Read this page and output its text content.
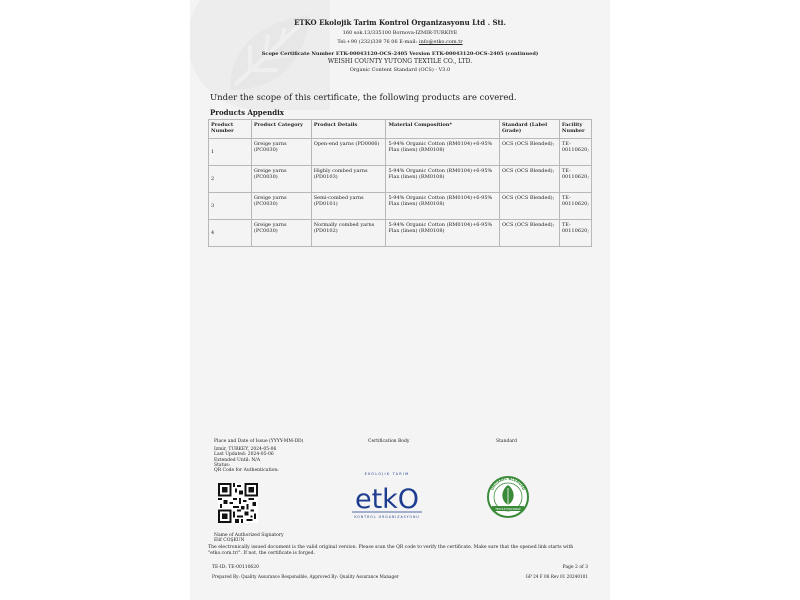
ETKO Ekolojik Tarim Kontrol Organizasyonu Ltd . Sti.
160 sok.13/335100 Bornova-IZMIR-TURKIYE
Tel:+90 (232)339 76 06 E-mail: info@etko.com.tr
Scope Certificate Number ETK-00043120-OCS-2405 Version ETK-00043120-OCS-2405 (continued)
WEISHI COUNTY YUTONG TEXTILE CO., LTD.
Organic Content Standard (OCS) - V3.0
Under the scope of this certificate, the following products are covered.
Products Appendix
Product Number	Product Category	Product Details	Material Composition*	Standard (Label Grade)	Facility Number
1	Greige yarns (PC0030)	Open-end yarns (PD0066)	5-94% Organic Cotton (RM0104)+6-95% Flax (linen) (RM0108)	OCS (OCS Blended);	TE-00110620;
2	Greige yarns (PC0030)	Highly combed yarns (PD0103)	5-94% Organic Cotton (RM0104)+6-95% Flax (linen) (RM0108)	OCS (OCS Blended);	TE-00110620;
3	Greige yarns (PC0030)	Semi-combed yarns (PD0101)	5-94% Organic Cotton (RM0104)+6-95% Flax (linen) (RM0108)	OCS (OCS Blended);	TE-00110620;
4	Greige yarns (PC0030)	Normally combed yarns (PD0102)	5-94% Organic Cotton (RM0104)+6-95% Flax (linen) (RM0108)	OCS (OCS Blended);	TE-00110620;
Place and Date of Issue (YYYY-MM-DD)	Certification Body	Standard
Izmir, TURKEY, 2024-05-06
Last Updated: 2024-05-06
Extended Until: N/A
Status:
QR Code for Authentication:
EKOLOJIK TARIM
etkO
KONTROL ORGANIZASYONU
ORGANIC BLENDED
TEXTILE EXCHANGE
Name of Authorized Signatory
Elif COŞKUN
The electronically issued document is the valid original version. Please scan the QR code to verify the certificate. Make sure that the opened link starts with "etko.com.tr/". If not, the certificate is forged.
TE-ID: TE-00110620	Page 2 of 3
Prepared By: Quality Assurance Responsible, Approved By: Quality Assurance Manager	GP 24 F 08 Rev 01 20240101
